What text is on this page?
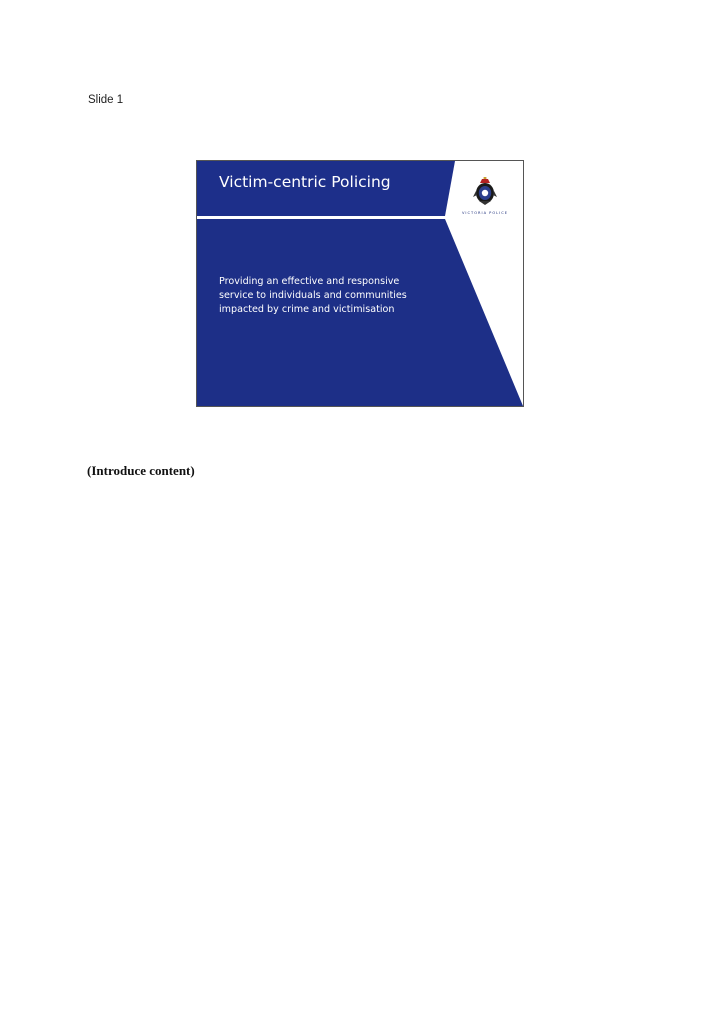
Slide 1
Victim-centric Policing
VICTORIA POLICE
Providing an effective and responsive
service to individuals and communities
impacted by crime and victimisation
(Introduce content)
